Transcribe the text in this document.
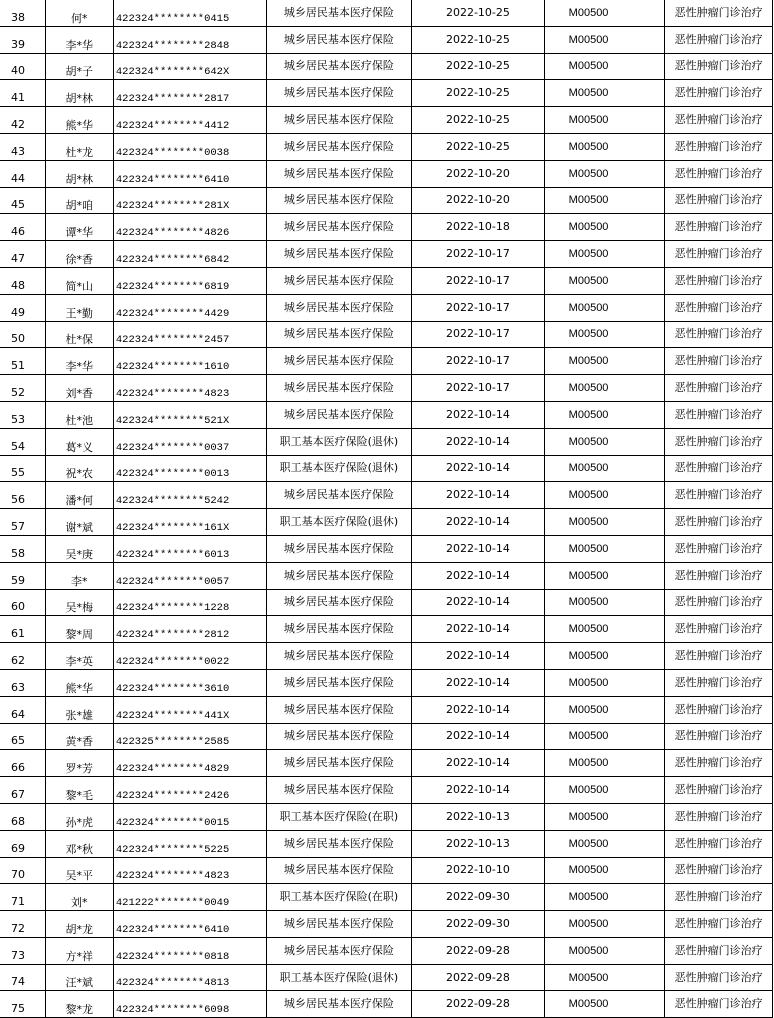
38	何*	422324********0415	城乡居民基本医疗保险	2022-10-25	M00500	恶性肿瘤门诊治疗
39	李*华	422324********2848	城乡居民基本医疗保险	2022-10-25	M00500	恶性肿瘤门诊治疗
40	胡*子	422324********642X	城乡居民基本医疗保险	2022-10-25	M00500	恶性肿瘤门诊治疗
41	胡*林	422324********2817	城乡居民基本医疗保险	2022-10-25	M00500	恶性肿瘤门诊治疗
42	熊*华	422324********4412	城乡居民基本医疗保险	2022-10-25	M00500	恶性肿瘤门诊治疗
43	杜*龙	422324********0038	城乡居民基本医疗保险	2022-10-25	M00500	恶性肿瘤门诊治疗
44	胡*林	422324********6410	城乡居民基本医疗保险	2022-10-20	M00500	恶性肿瘤门诊治疗
45	胡*咱	422324********281X	城乡居民基本医疗保险	2022-10-20	M00500	恶性肿瘤门诊治疗
46	谭*华	422324********4826	城乡居民基本医疗保险	2022-10-18	M00500	恶性肿瘤门诊治疗
47	徐*香	422324********6842	城乡居民基本医疗保险	2022-10-17	M00500	恶性肿瘤门诊治疗
48	简*山	422324********6819	城乡居民基本医疗保险	2022-10-17	M00500	恶性肿瘤门诊治疗
49	王*勤	422324********4429	城乡居民基本医疗保险	2022-10-17	M00500	恶性肿瘤门诊治疗
50	杜*保	422324********2457	城乡居民基本医疗保险	2022-10-17	M00500	恶性肿瘤门诊治疗
51	李*华	422324********1610	城乡居民基本医疗保险	2022-10-17	M00500	恶性肿瘤门诊治疗
52	刘*香	422324********4823	城乡居民基本医疗保险	2022-10-17	M00500	恶性肿瘤门诊治疗
53	杜*池	422324********521X	城乡居民基本医疗保险	2022-10-14	M00500	恶性肿瘤门诊治疗
54	葛*义	422324********0037	职工基本医疗保险(退休)	2022-10-14	M00500	恶性肿瘤门诊治疗
55	祝*农	422324********0013	职工基本医疗保险(退休)	2022-10-14	M00500	恶性肿瘤门诊治疗
56	潘*何	422324********5242	城乡居民基本医疗保险	2022-10-14	M00500	恶性肿瘤门诊治疗
57	谢*斌	422324********161X	职工基本医疗保险(退休)	2022-10-14	M00500	恶性肿瘤门诊治疗
58	吴*庚	422324********6013	城乡居民基本医疗保险	2022-10-14	M00500	恶性肿瘤门诊治疗
59	李*	422324********0057	城乡居民基本医疗保险	2022-10-14	M00500	恶性肿瘤门诊治疗
60	吴*梅	422324********1228	城乡居民基本医疗保险	2022-10-14	M00500	恶性肿瘤门诊治疗
61	黎*周	422324********2812	城乡居民基本医疗保险	2022-10-14	M00500	恶性肿瘤门诊治疗
62	李*英	422324********0022	城乡居民基本医疗保险	2022-10-14	M00500	恶性肿瘤门诊治疗
63	熊*华	422324********3610	城乡居民基本医疗保险	2022-10-14	M00500	恶性肿瘤门诊治疗
64	张*雄	422324********441X	城乡居民基本医疗保险	2022-10-14	M00500	恶性肿瘤门诊治疗
65	黄*香	422325********2585	城乡居民基本医疗保险	2022-10-14	M00500	恶性肿瘤门诊治疗
66	罗*芳	422324********4829	城乡居民基本医疗保险	2022-10-14	M00500	恶性肿瘤门诊治疗
67	黎*毛	422324********2426	城乡居民基本医疗保险	2022-10-14	M00500	恶性肿瘤门诊治疗
68	孙*虎	422324********0015	职工基本医疗保险(在职)	2022-10-13	M00500	恶性肿瘤门诊治疗
69	邓*秋	422324********5225	城乡居民基本医疗保险	2022-10-13	M00500	恶性肿瘤门诊治疗
70	吴*平	422324********4823	城乡居民基本医疗保险	2022-10-10	M00500	恶性肿瘤门诊治疗
71	刘*	421222********0049	职工基本医疗保险(在职)	2022-09-30	M00500	恶性肿瘤门诊治疗
72	胡*龙	422324********6410	城乡居民基本医疗保险	2022-09-30	M00500	恶性肿瘤门诊治疗
73	方*祥	422324********0818	城乡居民基本医疗保险	2022-09-28	M00500	恶性肿瘤门诊治疗
74	汪*斌	422324********4813	职工基本医疗保险(退休)	2022-09-28	M00500	恶性肿瘤门诊治疗
75	黎*龙	422324********6098	城乡居民基本医疗保险	2022-09-28	M00500	恶性肿瘤门诊治疗
